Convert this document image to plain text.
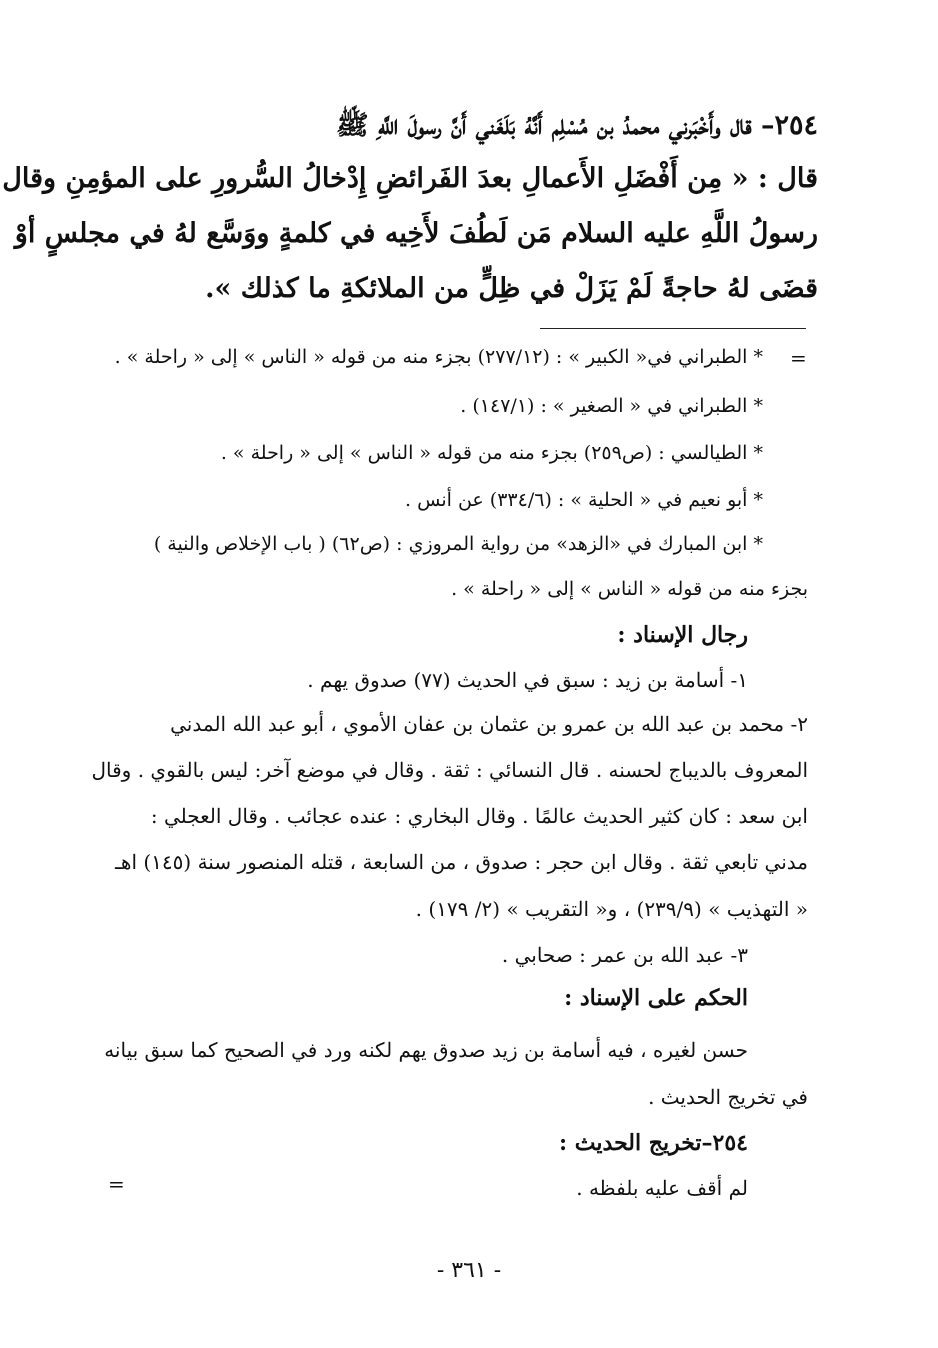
٢٥٤– قال وأَخْبَرني محمدُ بن مُسْلِم أَنَّهُ بَلَغَني أَنَّ رسولَ اللَّهِ ﷺ
قال : « مِن أَفْضَلِ الأَعمالِ بعدَ الفَرائضِ إِدْخالُ السُّرورِ على المؤمِنِ وقال
رسولُ اللَّهِ عليه السلام مَن لَطُفَ لأَخِيه في كلمةٍ ووَسَّع لهُ في مجلسٍ أوْ
قضَى لهُ حاجةً لَمْ يَزَلْ في ظِلٍّ من الملائكةِ ما كذلك ».
=
* الطبراني في« الكبير » : (٢٧٧/١٢) بجزء منه من قوله « الناس » إلى « راحلة » .
* الطبراني في « الصغير » : (١٤٧/١) .
* الطيالسي : (ص٢٥٩) بجزء منه من قوله « الناس » إلى « راحلة » .
* أبو نعيم في « الحلية » : (٣٣٤/٦) عن أنس .
* ابن المبارك في «الزهد» من رواية المروزي : (ص٦٢) ( باب الإخلاص والنية )
بجزء منه من قوله « الناس » إلى « راحلة » .
رجال الإسناد :
١- أسامة بن زيد : سبق في الحديث (٧٧) صدوق يهم .
٢- محمد بن عبد الله بن عمرو بن عثمان بن عفان الأموي ، أبو عبد الله المدني
المعروف بالديباج لحسنه . قال النسائي : ثقة . وقال في موضع آخر: ليس بالقوي . وقال
ابن سعد : كان كثير الحديث عالمًا . وقال البخاري : عنده عجائب . وقال العجلي :
مدني تابعي ثقة . وقال ابن حجر : صدوق ، من السابعة ، قتله المنصور سنة (١٤٥) اهـ
« التهذيب » (٢٣٩/٩) ، و« التقريب » (٢/ ١٧٩) .
٣- عبد الله بن عمر : صحابي .
الحكم على الإسناد :
حسن لغيره ، فيه أسامة بن زيد صدوق يهم لكنه ورد في الصحيح كما سبق بيانه
في تخريج الحديث .
٢٥٤–تخريج الحديث :
لم أقف عليه بلفظه .
=
- ٣٦١ -
